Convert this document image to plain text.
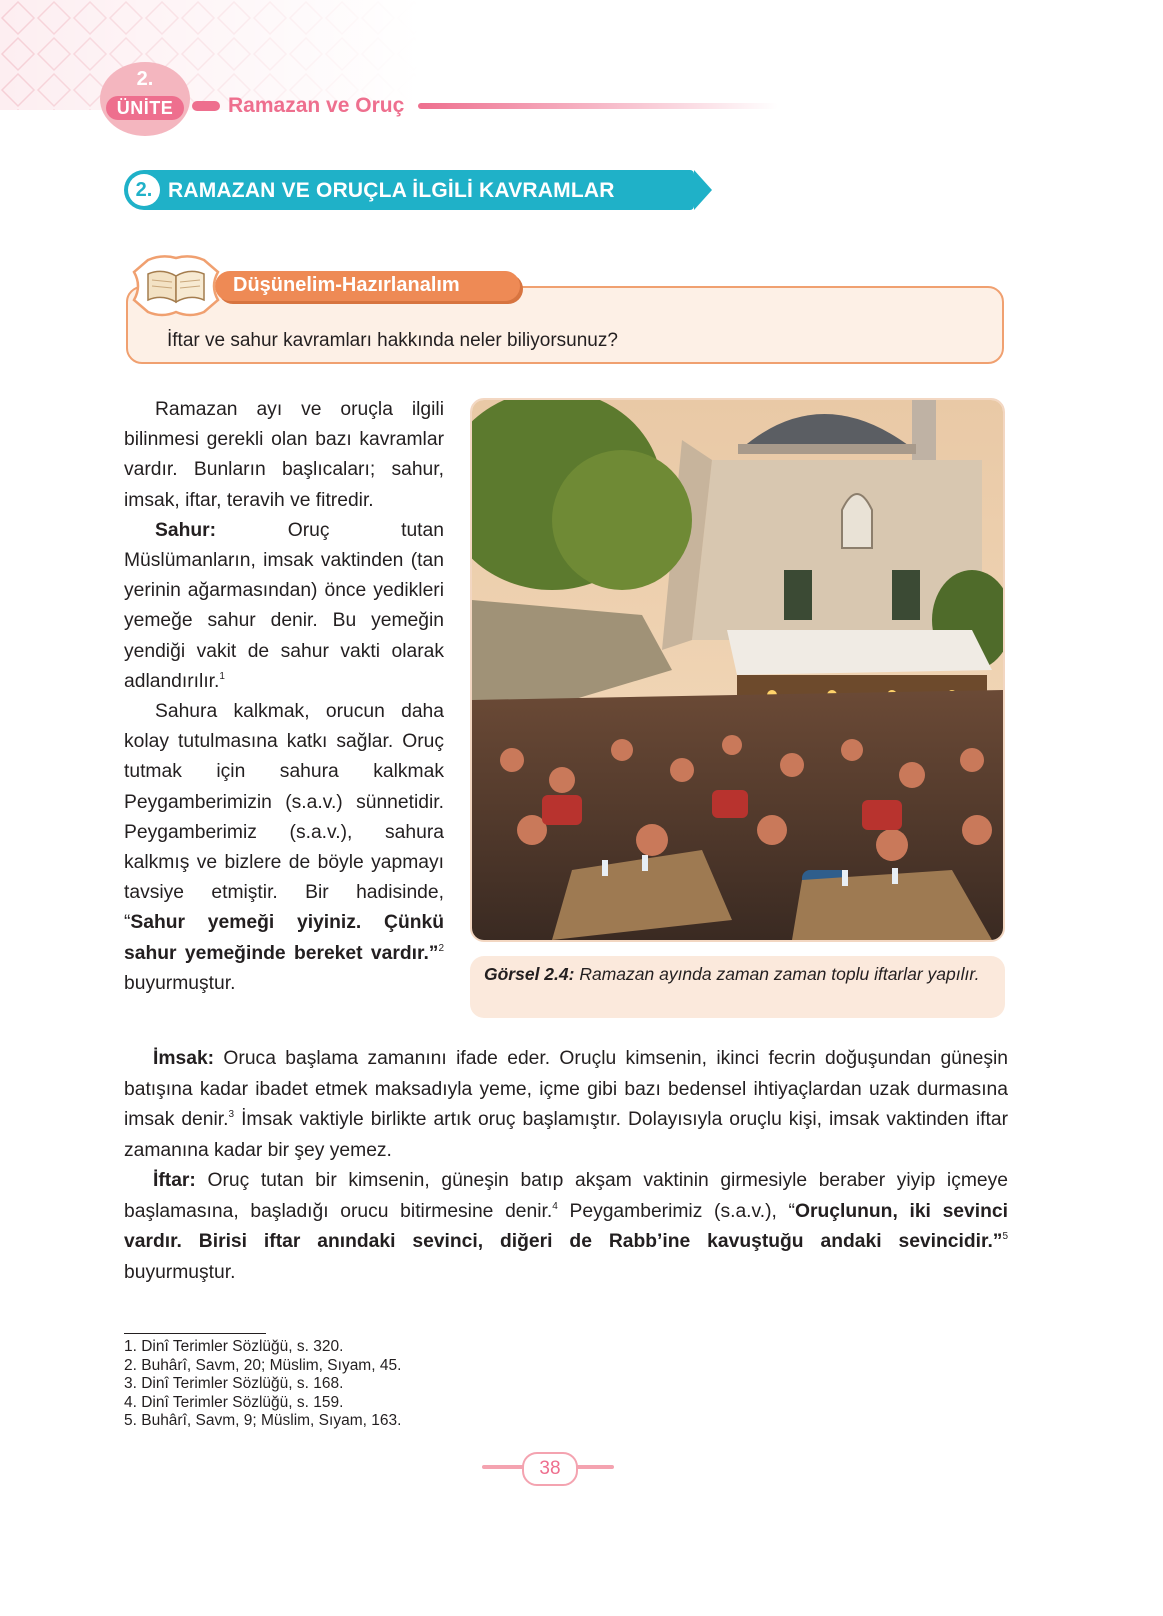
2.
ÜNİTE	Ramazan ve Oruç
2. RAMAZAN VE ORUÇLA İLGİLİ KAVRAMLAR
Düşünelim-Hazırlanalım
İftar ve sahur kavramları hakkında neler biliyorsunuz?

Ramazan ayı ve oruçla ilgili bilinmesi gerekli olan bazı kavramlar vardır. Bunların başlıcaları; sahur, imsak, iftar, teravih ve fitredir.

Sahur: Oruç tutan Müslümanların, imsak vaktinden (tan yerinin ağarmasından) önce yedikleri yemeğe sahur denir. Bu yemeğin yendiği vakit de sahur vakti olarak adlandırılır.$^1$

Sahura kalkmak, orucun daha kolay tutulmasına katkı sağlar. Oruç tutmak için sahura kalkmak Peygamberimizin (s.a.v.) sünnetidir. Peygamberimiz (s.a.v.), sahura kalkmış ve bizlere de böyle yapmayı tavsiye etmiştir. Bir hadisinde, “Sahur yemeği yiyiniz. Çünkü sahur yemeğinde bereket vardır.”$^2$ buyurmuştur.	Görsel 2.4: Ramazan ayında zaman zaman toplu iftarlar yapılır.

İmsak: Oruca başlama zamanını ifade eder. Oruçlu kimsenin, ikinci fecrin doğuşundan güneşin batışına kadar ibadet etmek maksadıyla yeme, içme gibi bazı bedensel ihtiyaçlardan uzak durmasına imsak denir.$^3$ İmsak vaktiyle birlikte artık oruç başlamıştır. Dolayısıyla oruçlu kişi, imsak vaktinden iftar zamanına kadar bir şey yemez.

İftar: Oruç tutan bir kimsenin, güneşin batıp akşam vaktinin girmesiyle beraber yiyip içmeye başlamasına, başladığı orucu bitirmesine denir.$^4$ Peygamberimiz (s.a.v.), “Oruçlunun, iki sevinci vardır. Birisi iftar anındaki sevinci, diğeri de Rabb’ine kavuştuğu andaki sevincidir.”$^5$ buyurmuştur.

1. Dinî Terimler Sözlüğü, s. 320.
2. Buhârî, Savm, 20; Müslim, Sıyam, 45.
3. Dinî Terimler Sözlüğü, s. 168.
4. Dinî Terimler Sözlüğü, s. 159.
5. Buhârî, Savm, 9; Müslim, Sıyam, 163.
38
